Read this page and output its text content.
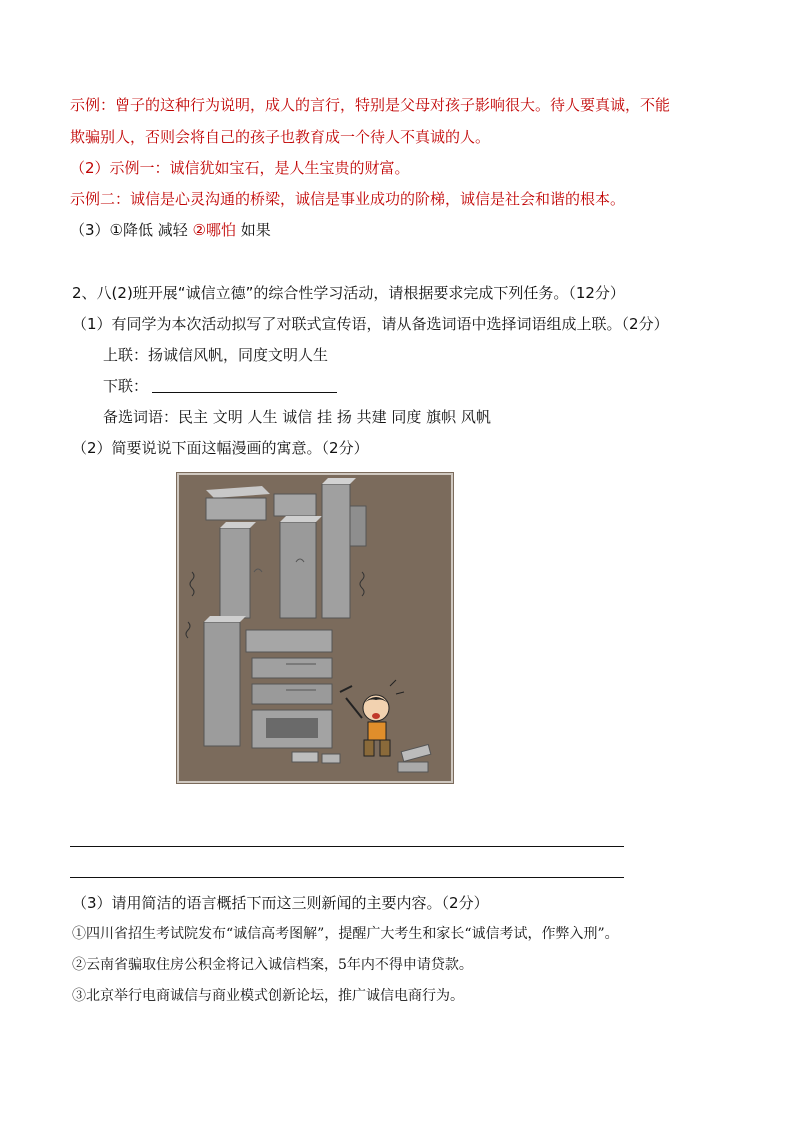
示例：曾子的这种行为说明，成人的言行，特别是父母对孩子影响很大。待人要真诚，不能
欺骗别人，否则会将自己的孩子也教育成一个待人不真诚的人。
（2）示例一：诚信犹如宝石，是人生宝贵的财富。
示例二：诚信是心灵沟通的桥梁，诚信是事业成功的阶梯，诚信是社会和谐的根本。
（3）①降低 减轻 ②哪怕 如果
2、八(2)班开展“诚信立德”的综合性学习活动，请根据要求完成下列任务。（12分）
（1）有同学为本次活动拟写了对联式宣传语，请从备选词语中选择词语组成上联。（2分）
上联：扬诚信风帆，同度文明人生
下联：
备选词语：民主 文明 人生 诚信 挂 扬 共建 同度 旗帜 风帆
（2）简要说说下面这幅漫画的寓意。（2分）
（3）请用简洁的语言概括下而这三则新闻的主要内容。（2分）
①四川省招生考试院发布“诚信高考图解”，提醒广大考生和家长“诚信考试，作弊入刑”。
②云南省骗取住房公积金将记入诚信档案，5年内不得申请贷款。
③北京举行电商诚信与商业模式创新论坛，推广诚信电商行为。
